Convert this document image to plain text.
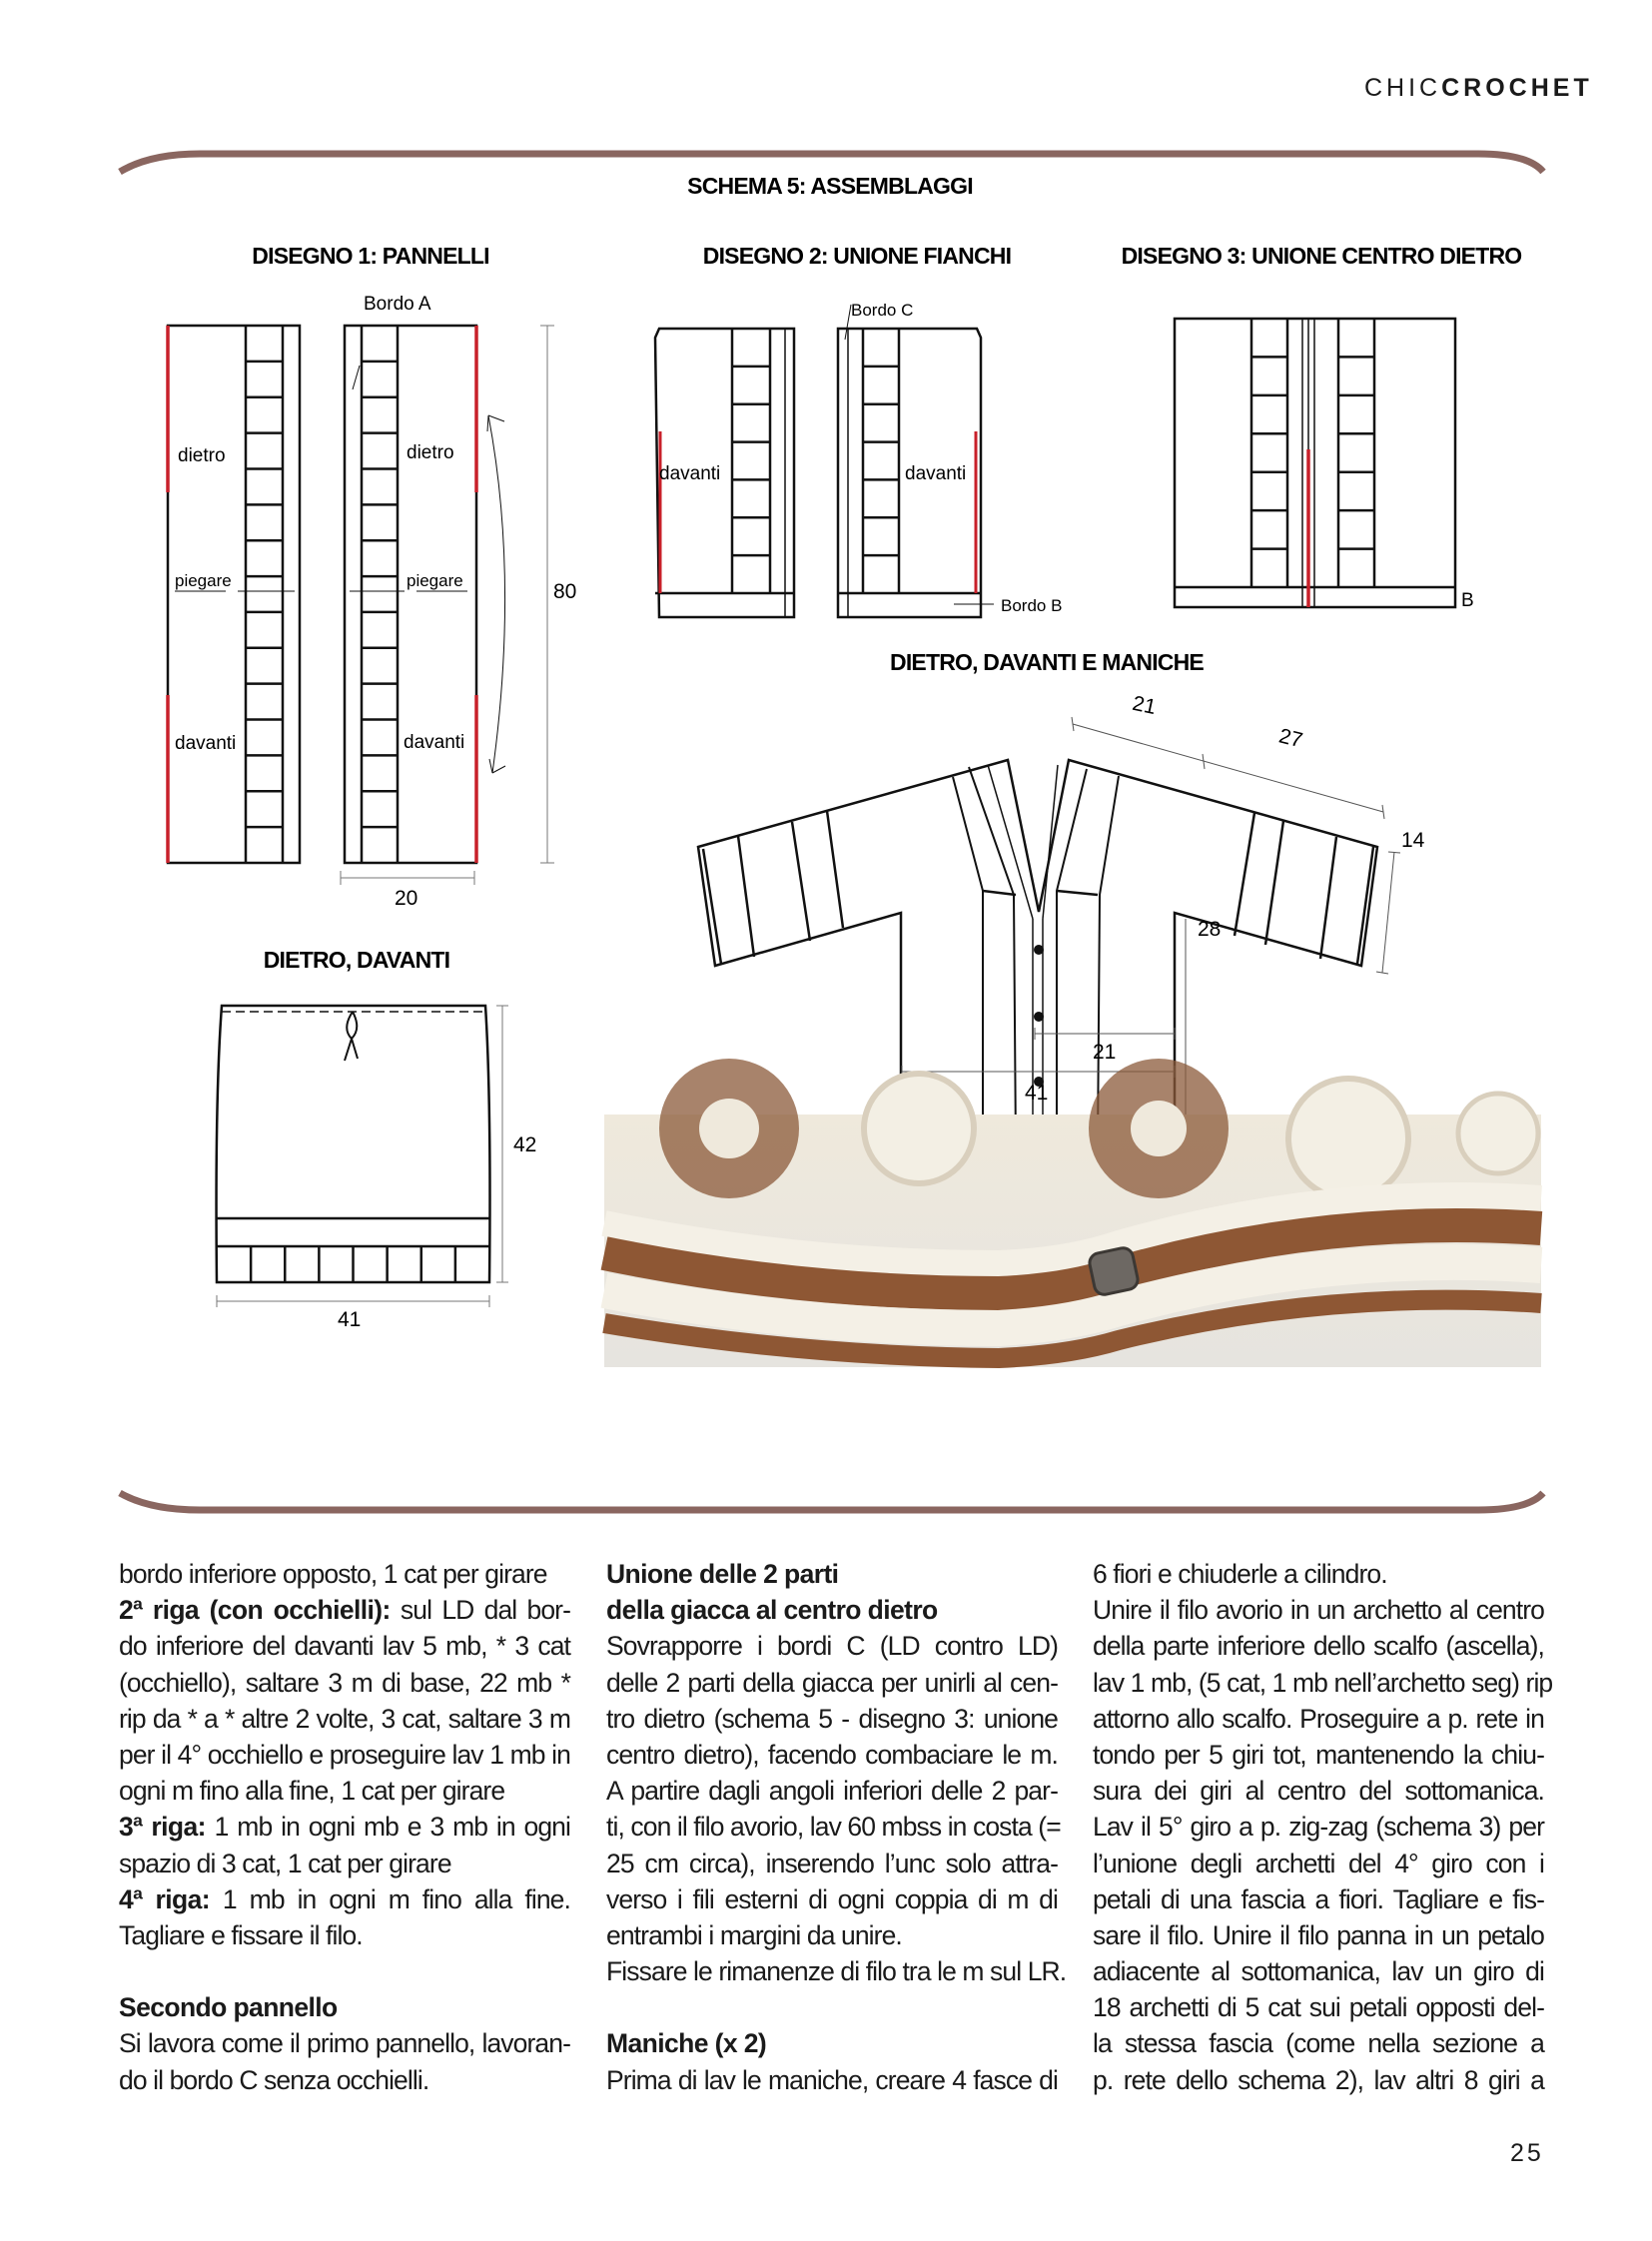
CHICCROCHET
SCHEMA 5: ASSEMBLAGGI
DISEGNO 1: PANNELLI	DISEGNO 2: UNIONE FIANCHI	DISEGNO 3: UNIONE CENTRO DIETRO
Bordo A
dietro	dietro
piegare	piegare
davanti	davanti
80
20
Bordo C
Bordo B
davanti	davanti
B
DIETRO, DAVANTI
42
41
DIETRO, DAVANTI E MANICHE
21
27
14
28
21
41
bordo inferiore opposto, 1 cat per girare
2ª riga (con occhielli): sul LD dal bor-
do inferiore del davanti lav 5 mb, * 3 cat
(occhiello), saltare 3 m di base, 22 mb *
rip da * a * altre 2 volte, 3 cat, saltare 3 m
per il 4° occhiello e proseguire lav 1 mb in
ogni m fino alla fine, 1 cat per girare
3ª riga: 1 mb in ogni mb e 3 mb in ogni
spazio di 3 cat, 1 cat per girare
4ª riga: 1 mb in ogni m fino alla fine.
Tagliare e fissare il filo.
Secondo pannello
Si lavora come il primo pannello, lavoran-
do il bordo C senza occhielli.
Unione delle 2 parti
della giacca al centro dietro
Sovrapporre i bordi C (LD contro LD)
delle 2 parti della giacca per unirli al cen-
tro dietro (schema 5 - disegno 3: unione
centro dietro), facendo combaciare le m.
A partire dagli angoli inferiori delle 2 par-
ti, con il filo avorio, lav 60 mbss in costa (=
25 cm circa), inserendo l’unc solo attra-
verso i fili esterni di ogni coppia di m di
entrambi i margini da unire.
Fissare le rimanenze di filo tra le m sul LR.
Maniche (x 2)
Prima di lav le maniche, creare 4 fasce di
6 fiori e chiuderle a cilindro.
Unire il filo avorio in un archetto al centro
della parte inferiore dello scalfo (ascella),
lav 1 mb, (5 cat, 1 mb nell’archetto seg) rip
attorno allo scalfo. Proseguire a p. rete in
tondo per 5 giri tot, mantenendo la chiu-
sura dei giri al centro del sottomanica.
Lav il 5° giro a p. zig-zag (schema 3) per
l’unione degli archetti del 4° giro con i
petali di una fascia a fiori. Tagliare e fis-
sare il filo. Unire il filo panna in un petalo
adiacente al sottomanica, lav un giro di
18 archetti di 5 cat sui petali opposti del-
la stessa fascia (come nella sezione a
p. rete dello schema 2), lav altri 8 giri a
25
